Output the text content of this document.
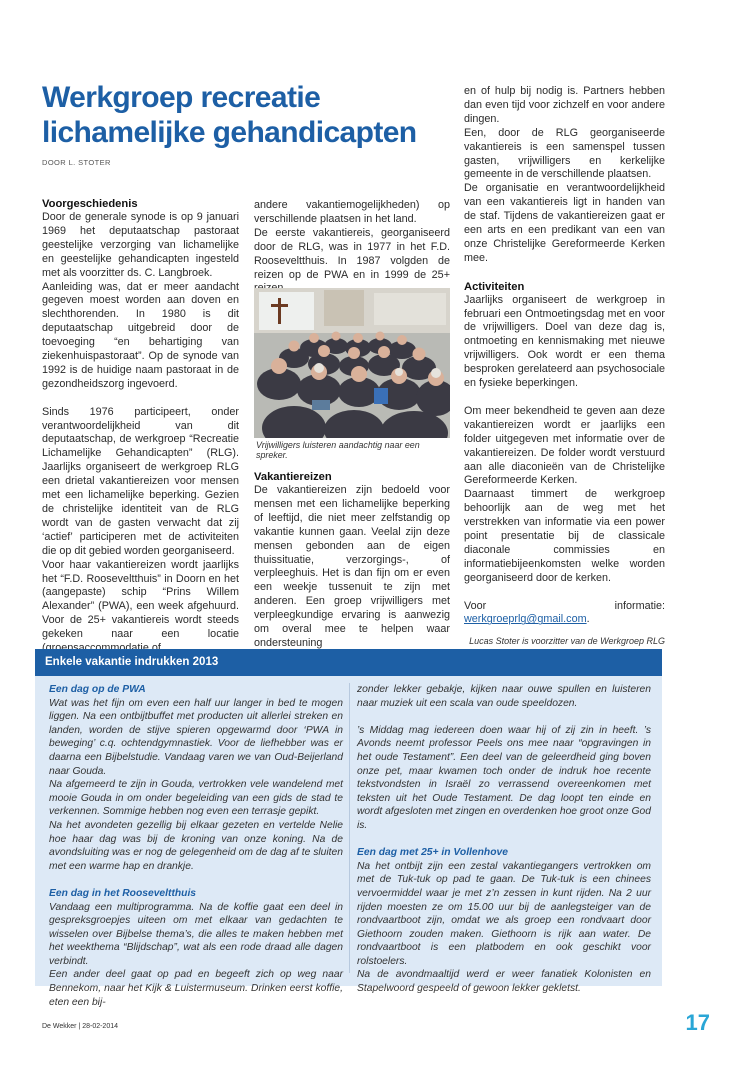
Werkgroep recreatie lichamelijke gehandicapten
DOOR L. STOTER
Voorgeschiedenis

Door de generale synode is op 9 januari 1969 het deputaatschap pastoraat geestelijke verzorging van lichamelijke en geestelijke gehandicapten ingesteld met als voorzitter ds. C. Langbroek.

Aanleiding was, dat er meer aandacht gegeven moest worden aan doven en slechthorenden. In 1980 is dit deputaatschap uitgebreid door de toevoeging “en behartiging van ziekenhuispastoraat”. Op de synode van 1992 is de huidige naam pastoraat in de gezondheidszorg ingevoerd.

Sinds 1976 participeert, onder verantwoordelijkheid van dit deputaatschap, de werkgroep “Recreatie Lichamelijke Gehandicapten” (RLG). Jaarlijks organiseert de werkgroep RLG een drietal vakantiereizen voor mensen met een lichamelijke beperking. Gezien de christelijke identiteit van de RLG wordt van de gasten verwacht dat zij ‘actief’ participeren met de activiteiten die op dit gebied worden georganiseerd.

Voor haar vakantiereizen wordt jaarlijks het “F.D. Rooseveltthuis” in Doorn en het (aangepaste) schip “Prins Willem Alexander” (PWA), een week afgehuurd. Voor de 25+ vakantiereis wordt steeds gekeken naar een locatie

andere vakantiemogelijkheden) op verschillende plaatsen in het land.

De eerste vakantiereis, georganiseerd door de RLG, was in 1977 in het F.D. Rooseveltthuis. In 1987 volgden de reizen op de PWA en in 1999 de 25+

Vrijwilligers luisteren aandachtig naar een spreker.
Vakantiereizen

De vakantiereizen zijn bedoeld voor mensen met een lichamelijke beperking of leeftijd, die niet meer zelfstandig op vakantie kunnen gaan. Veelal zijn deze mensen gebonden aan de eigen thuissituatie, verzorgings-, of verpleeghuis. Het is dan fijn om er even een weekje tussenuit te zijn met anderen. Een groep vrijwilligers met verpleegkundige ervaring is aanwezig om overal mee te helpen waar ondersteuning

en of hulp bij nodig is. Partners hebben dan even tijd voor zichzelf en voor andere dingen.

Een, door de RLG georganiseerde vakantiereis is een samenspel tussen gasten, vrijwilligers en kerkelijke gemeente in de verschillende plaatsen.

De organisatie en verantwoordelijkheid van een vakantiereis ligt in handen van de staf. Tijdens de vakantiereizen gaat er een arts en een predikant van een van onze Christelijke Gereformeerde Kerken mee.

Activiteiten

Jaarlijks organiseert de werkgroep in februari een Ontmoetingsdag met en voor de vrijwilligers. Doel van deze dag is, ontmoeting en kennismaking met nieuwe vrijwilligers. Ook wordt er een thema besproken gerelateerd aan psychosociale en fysieke beperkingen.

Om meer bekendheid te geven aan deze vakantiereizen wordt er jaarlijks een folder uitgegeven met informatie over de vakantiereizen. De folder wordt verstuurd aan alle diaconieën van de Christelijke Gereformeerde Kerken.

Daarnaast timmert de werkgroep behoorlijk aan de weg met het verstrekken van informatie via een power point presentatie bij de classicale diaconale commissies en informatiebijeenkomsten welke worden georganiseerd door de kerken.

Voor informatie: werkgroeprlg@gmail.com.

Lucas Stoter is voorzitter van de Werkgroep RLG
Enkele vakantie indrukken 2013
Een dag op de PWA

Wat was het fijn om even een half uur langer in bed te mogen liggen. Na een ontbijtbuffet met producten uit allerlei streken en landen, worden de stijve spieren opgewarmd door ‘PWA in beweging’ c.q. ochtendgymnastiek. Voor de liefhebber was er daarna een Bijbelstudie. Vandaag varen we van Oud-Beijerland naar Gouda.

Na afgemeerd te zijn in Gouda, vertrokken vele wandelend met mooie Gouda in om onder begeleiding van een gids de stad te verkennen. Sommige hebben nog even een terrasje gepikt.

Na het avondeten gezellig bij elkaar gezeten en vertelde Nelie hoe haar dag was bij de kroning van onze koning. Na de avondsluiting was er nog de gelegenheid om de dag af te sluiten met een warme hap en drankje.

Een dag in het Rooseveltthuis

Vandaag een multiprogramma. Na de koffie gaat een deel in gespreksgroepjes uiteen om met elkaar van gedachten te wisselen over Bijbelse thema’s, die alles te maken hebben met het weekthema “Blijdschap”, wat als een rode draad alle dagen verbindt.

Een ander deel gaat op pad en begeeft zich op weg naar Bennekom, naar het Kijk & Luistermuseum. Drinken eerst koffie, eten een bij-

zonder lekker gebakje, kijken naar ouwe spullen en luisteren naar muziek uit een scala van oude speeldozen.

’s Middag mag iedereen doen waar hij of zij zin in heeft. ’s Avonds neemt professor Peels ons mee naar “opgravingen in het oude Testament”. Een deel van de geleerdheid ging boven onze pet, maar kwamen toch onder de indruk hoe recente tekstvondsten in Israël zo verrassend overeenkomen met teksten uit het Oude Testament. De dag loopt ten einde en wordt afgesloten met zingen en overdenken hoe groot onze God is.

Een dag met 25+ in Vollenhove

Na het ontbijt zijn een zestal vakantiegangers vertrokken om met de Tuk-tuk op pad te gaan. De Tuk-tuk is een chinees vervoermiddel waar je met z’n zessen in kunt rijden. Na 2 uur rijden moesten ze om 15.00 uur bij de aanlegsteiger van de rondvaartboot zijn, omdat we als groep een rondvaart door Giethoorn zouden maken. Giethoorn is rijk aan water. De rondvaartboot is een platbodem en ook geschikt voor rolstoelers.

Na de avondmaaltijd werd er weer fanatiek Kolonisten en Stapelwoord gespeeld of gewoon lekker gekletst.

De Wekker | 28-02-2014	17
